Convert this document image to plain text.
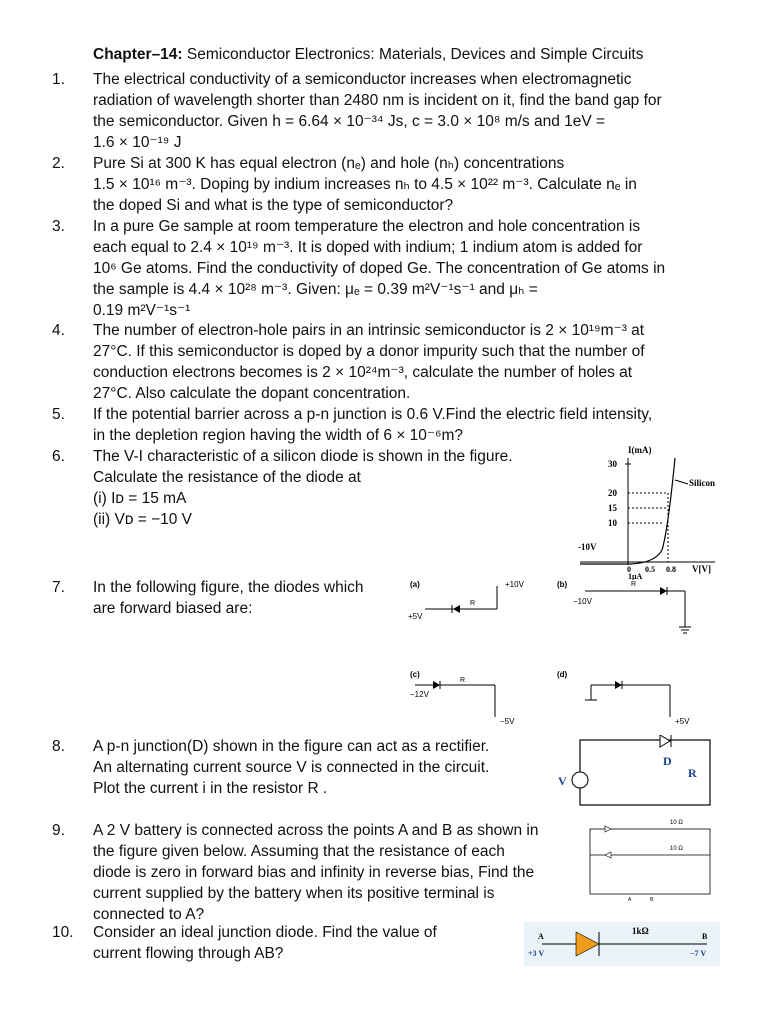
Chapter–14: Semiconductor Electronics: Materials, Devices and Simple Circuits
1.	The electrical conductivity of a semiconductor increases when electromagnetic
radiation of wavelength shorter than 2480 nm is incident on it, find the band gap for
the semiconductor. Given h = 6.64 × 10⁻³⁴ Js, c = 3.0 × 10⁸ m/s and 1eV =
1.6 × 10⁻¹⁹ J
2.	Pure Si at 300 K has equal electron (nₑ) and hole (nₕ) concentrations
1.5 × 10¹⁶ m⁻³. Doping by indium increases nₕ to 4.5 × 10²² m⁻³. Calculate nₑ in
the doped Si and what is the type of semiconductor?
3.	In a pure Ge sample at room temperature the electron and hole concentration is
each equal to 2.4 × 10¹⁹ m⁻³. It is doped with indium; 1 indium atom is added for
10⁶ Ge atoms. Find the conductivity of doped Ge. The concentration of Ge atoms in
the sample is 4.4 × 10²⁸ m⁻³. Given: μₑ = 0.39 m²V⁻¹s⁻¹ and μₕ =
0.19 m²V⁻¹s⁻¹
4.	The number of electron-hole pairs in an intrinsic semiconductor is 2 × 10¹⁹m⁻³ at
27°C. If this semiconductor is doped by a donor impurity such that the number of
conduction electrons becomes is 2 × 10²⁴m⁻³, calculate the number of holes at
27°C. Also calculate the dopant concentration.
5.	If the potential barrier across a p-n junction is 0.6 V.Find the electric field intensity,
in the depletion region having the width of 6 × 10⁻⁶m?
6.	The V-I characteristic of a silicon diode is shown in the figure.
Calculate the resistance of the diode at
(i) Iᴅ = 15 mA
(ii) Vᴅ = −10 V
7.	In the following figure, the diodes which
are forward biased are:
8.	A p-n junction(D) shown in the figure can act as a rectifier.
An alternating current source V is connected in the circuit.
Plot the current i in the resistor R .
9.	A 2 V battery is connected across the points A and B as shown in
the figure given below. Assuming that the resistance of each
diode is zero in forward bias and infinity in reverse bias, Find the
current supplied by the battery when its positive terminal is
connected to A?
10.	Consider an ideal junction diode. Find the value of
current flowing through AB?
I(mA)
30
20
15
10
-10V
0 0.5 0.8 V[V]
1μA
Silicon
(a)	(b)
(c)	(d)
+10V
+5V
R	−10V
R
−12V
R
−5V	+5V
V
D
R
10 Ω
10 Ω
A	B
A	B
+3 V	−7 V
1kΩ
